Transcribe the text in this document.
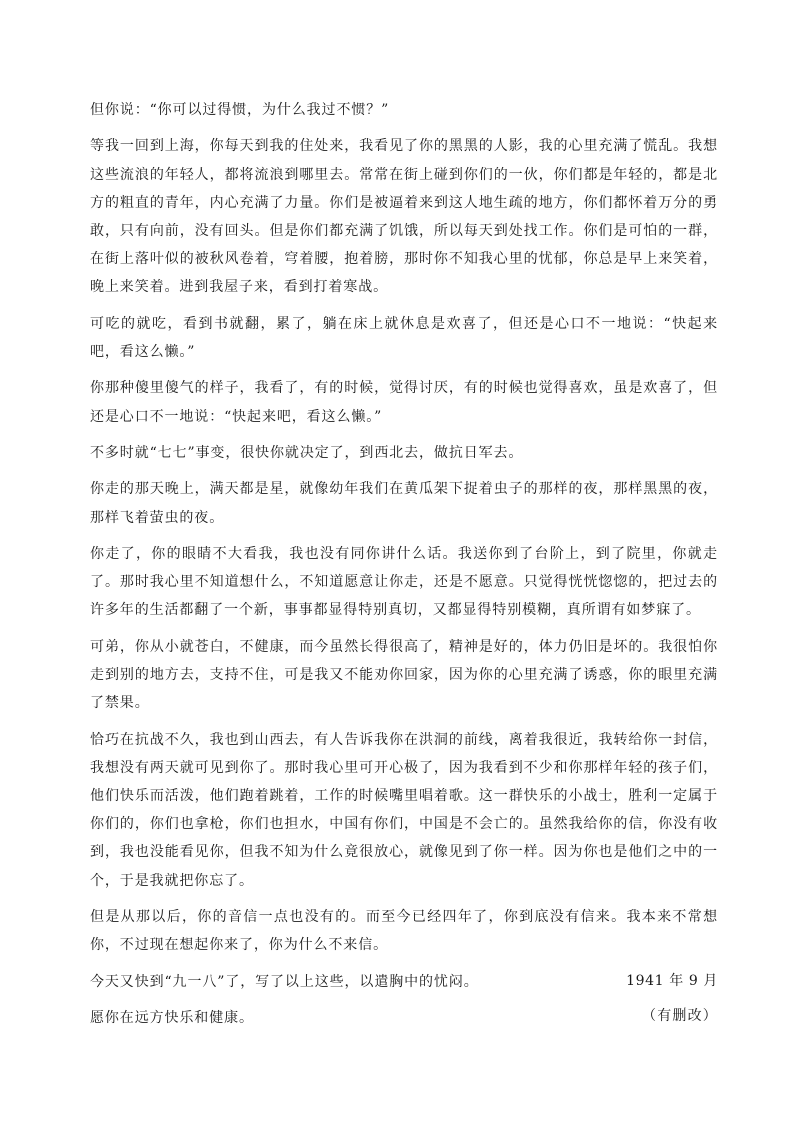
但你说：“你可以过得惯，为什么我过不惯？”

等我一回到上海，你每天到我的住处来，我看见了你的黑黑的人影，我的心里充满了慌乱。我想这些流浪的年轻人，都将流浪到哪里去。常常在街上碰到你们的一伙，你们都是年轻的，都是北方的粗直的青年，内心充满了力量。你们是被逼着来到这人地生疏的地方，你们都怀着万分的勇敢，只有向前，没有回头。但是你们都充满了饥饿，所以每天到处找工作。你们是可怕的一群，在街上落叶似的被秋风卷着，穹着腰，抱着膀，那时你不知我心里的忧郁，你总是早上来笑着，晚上来笑着。进到我屋子来，看到打着寒战。

可吃的就吃，看到书就翻，累了，躺在床上就休息是欢喜了，但还是心口不一地说：“快起来吧，看这么懒。”

你那种傻里傻气的样子，我看了，有的时候，觉得讨厌，有的时候也觉得喜欢，虽是欢喜了，但还是心口不一地说：“快起来吧，看这么懒。”

不多时就“七七”事变，很快你就决定了，到西北去，做抗日军去。

你走的那天晚上，满天都是星，就像幼年我们在黄瓜架下捉着虫子的那样的夜，那样黑黑的夜，那样飞着萤虫的夜。

你走了，你的眼睛不大看我，我也没有同你讲什么话。我送你到了台阶上，到了院里，你就走了。那时我心里不知道想什么，不知道愿意让你走，还是不愿意。只觉得恍恍惚惚的，把过去的许多年的生活都翻了一个新，事事都显得特别真切，又都显得特别模糊，真所谓有如梦寐了。

可弟，你从小就苍白，不健康，而今虽然长得很高了，精神是好的，体力仍旧是坏的。我很怕你走到别的地方去，支持不住，可是我又不能劝你回家，因为你的心里充满了诱惑，你的眼里充满了禁果。

恰巧在抗战不久，我也到山西去，有人告诉我你在洪洞的前线，离着我很近，我转给你一封信，我想没有两天就可见到你了。那时我心里可开心极了，因为我看到不少和你那样年轻的孩子们，他们快乐而活泼，他们跑着跳着，工作的时候嘴里唱着歌。这一群快乐的小战士，胜利一定属于你们的，你们也拿枪，你们也担水，中国有你们，中国是不会亡的。虽然我给你的信，你没有收到，我也没能看见你，但我不知为什么竟很放心，就像见到了你一样。因为你也是他们之中的一个，于是我就把你忘了。

但是从那以后，你的音信一点也没有的。而至今已经四年了，你到底没有信来。我本来不常想你，不过现在想起你来了，你为什么不来信。

今天又快到“九一八”了，写了以上这些，以遣胸中的忧闷。

愿你在远方快乐和健康。

1941 年 9 月
（有删改）
